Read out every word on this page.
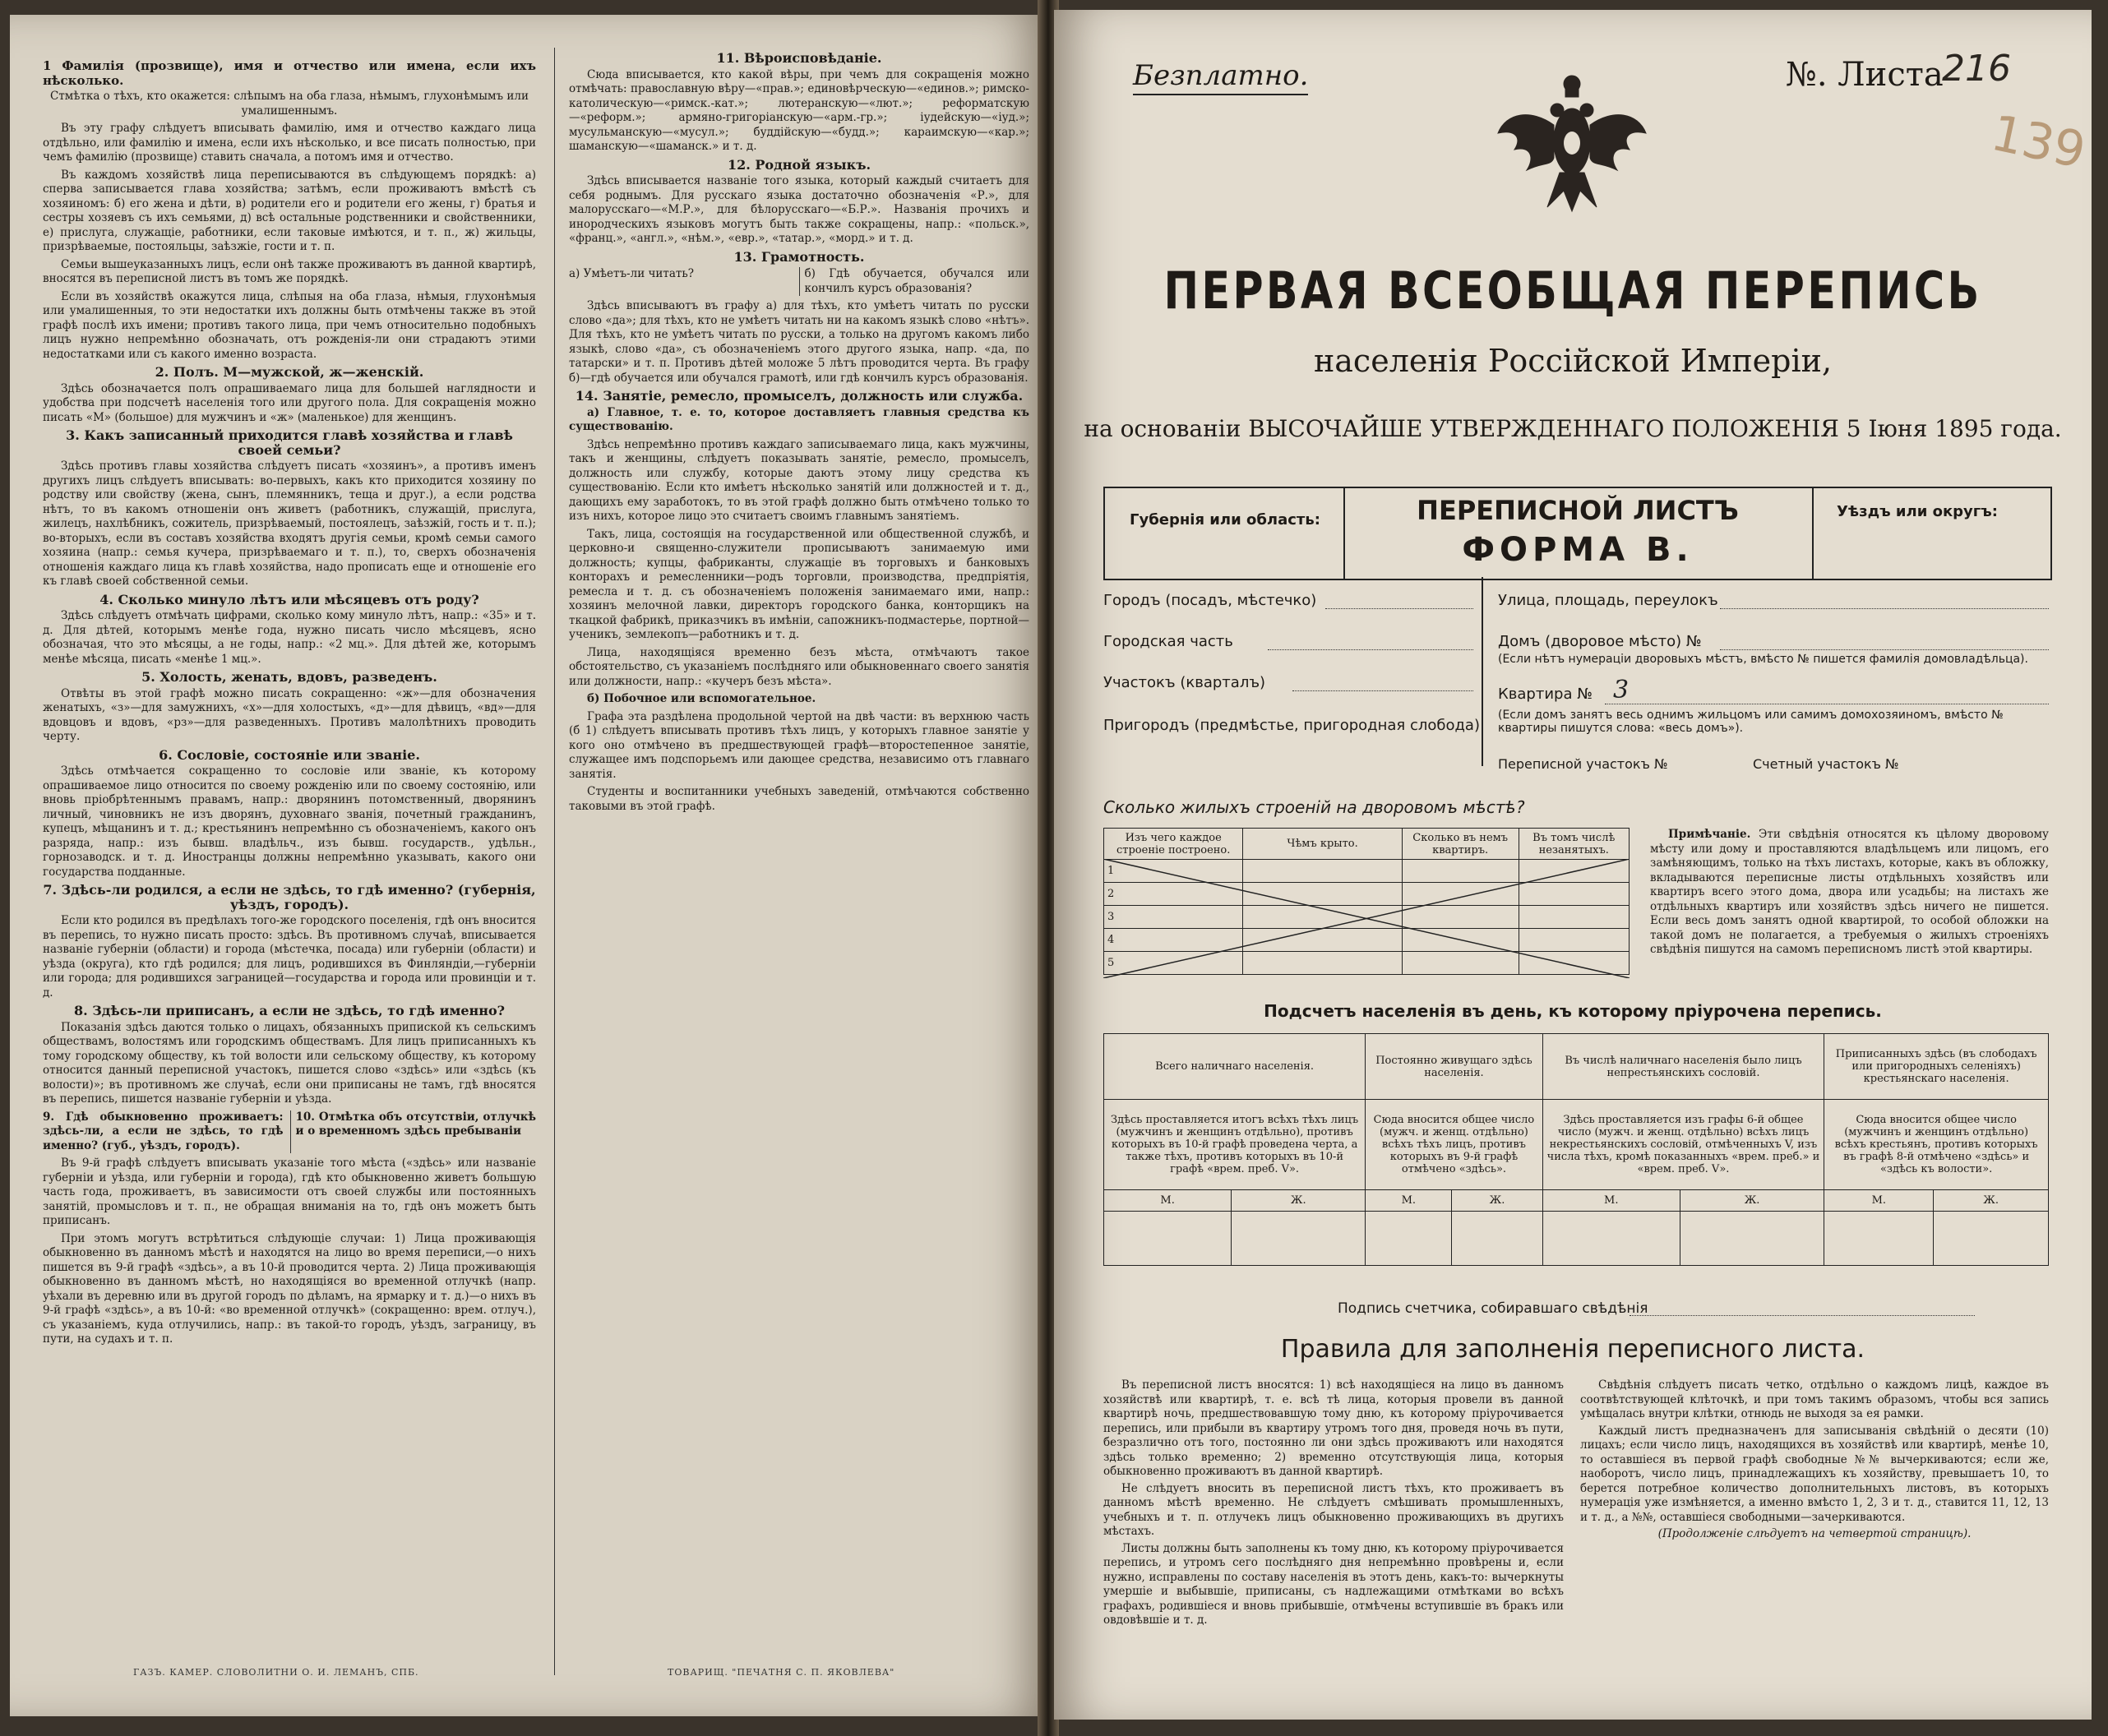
1 Фамилія (прозвище), имя и отчество или имена, если ихъ нѣсколько.

Стмѣтка о тѣхъ, кто окажется: слѣпымъ на оба глаза, нѣмымъ, глухонѣмымъ или умалишеннымъ.

Въ эту графу слѣдуетъ вписывать фамилію, имя и отчество каждаго лица отдѣльно, или фамилію и имена, если ихъ нѣсколько, и все писать полностью, при чемъ фамилію (прозвище) ставить сначала, а потомъ имя и отчество.

Въ каждомъ хозяйствѣ лица переписываются въ слѣдующемъ порядкѣ: а) сперва записывается глава хозяйства; затѣмъ, если проживаютъ вмѣстѣ съ хозяиномъ: б) его жена и дѣти, в) родители его и родители его жены, г) братья и сестры хозяевъ съ ихъ семьями, д) всѣ остальные родственники и свойственники, е) прислуга, служащіе, работники, если таковые имѣются, и т. п., ж) жильцы, призрѣваемые, постояльцы, заѣзжіе, гости и т. п.

Семьи вышеуказанныхъ лицъ, если онѣ также проживаютъ въ данной квартирѣ, вносятся въ переписной листъ въ томъ же порядкѣ.

Если въ хозяйствѣ окажутся лица, слѣпыя на оба глаза, нѣмыя, глухонѣмыя или умалишенныя, то эти недостатки ихъ должны быть отмѣчены также въ этой графѣ послѣ ихъ имени; противъ такого лица, при чемъ относительно подобныхъ лицъ нужно непремѣнно обозначать, отъ рожденія-ли они страдаютъ этими недостатками или съ какого именно возраста.

2. Полъ. М—мужской, ж—женскій.

Здѣсь обозначается полъ опрашиваемаго лица для большей наглядности и удобства при подсчетѣ населенія того или другого пола. Для сокращенія можно писать «М» (большое) для мужчинъ и «ж» (маленькое) для женщинъ.

3. Какъ записанный приходится главѣ хозяйства и главѣ своей семьи?

Здѣсь противъ главы хозяйства слѣдуетъ писать «хозяинъ», а противъ именъ другихъ лицъ слѣдуетъ вписывать: во-первыхъ, какъ кто приходится хозяину по родству или свойству (жена, сынъ, племянникъ, теща и друг.), а если родства нѣтъ, то въ какомъ отношеніи онъ живетъ (работникъ, служащій, прислуга, жилецъ, нахлѣбникъ, сожитель, призрѣваемый, постоялецъ, заѣзжій, гость и т. п.); во-вторыхъ, если въ составъ хозяйства входятъ другія семьи, кромѣ семьи самого хозяина (напр.: семья кучера, призрѣваемаго и т. п.), то, сверхъ обозначенія отношенія каждаго лица къ главѣ хозяйства, надо прописать еще и отношеніе его къ главѣ своей собственной семьи.

4. Сколько минуло лѣтъ или мѣсяцевъ отъ роду?

Здѣсь слѣдуетъ отмѣчать цифрами, сколько кому минуло лѣтъ, напр.: «35» и т. д. Для дѣтей, которымъ менѣе года, нужно писать число мѣсяцевъ, ясно обозначая, что это мѣсяцы, а не годы, напр.: «2 мц.». Для дѣтей же, которымъ менѣе мѣсяца, писать «менѣе 1 мц.».

5. Холость, женать, вдовъ, разведенъ.

Отвѣты въ этой графѣ можно писать сокращенно: «ж»—для обозначения женатыхъ, «з»—для замужнихъ, «х»—для холостыхъ, «д»—для дѣвицъ, «вд»—для вдовцовъ и вдовъ, «рз»—для разведенныхъ. Противъ малолѣтнихъ проводить черту.

6. Сословіе, состояніе или званіе.

Здѣсь отмѣчается сокращенно то сословіе или званіе, къ которому опрашиваемое лицо относится по своему рожденію или по своему состоянію, или вновь пріобрѣтеннымъ правамъ, напр.: дворянинъ потомственный, дворянинъ личный, чиновникъ не изъ дворянъ, духовнаго званія, почетный гражданинъ, купецъ, мѣщанинъ и т. д.; крестьянинъ непремѣнно съ обозначеніемъ, какого онъ разряда, напр.: изъ бывш. владѣльч., изъ бывш. государств., удѣльн., горнозаводск. и т. д. Иностранцы должны непремѣнно указывать, какого они государства подданные.

7. Здѣсь-ли родился, а если не здѣсь, то гдѣ именно? (губернія, уѣздъ, городъ).

Если кто родился въ предѣлахъ того-же городского поселенія, гдѣ онъ вносится въ перепись, то нужно писать просто: здѣсь. Въ противномъ случаѣ, вписывается названіе губерніи (области) и города (мѣстечка, посада) или губерніи (области) и уѣзда (округа), кто гдѣ родился; для лицъ, родившихся въ Финляндіи,—губерніи или города; для родившихся заграницей—государства и города или провинціи и т. д.

8. Здѣсь-ли приписанъ, а если не здѣсь, то гдѣ именно?

Показанія здѣсь даются только о лицахъ, обязанныхъ припиской къ сельскимъ обществамъ, волостямъ или городскимъ обществамъ. Для лицъ приписанныхъ къ тому городскому обществу, къ той волости или сельскому обществу, къ которому относится данный переписной участокъ, пишется слово «здѣсь» или «здѣсь (къ волости)»; въ противномъ же случаѣ, если они приписаны не тамъ, гдѣ вносятся въ перепись, пишется названіе губерніи и уѣзда.

9. Гдѣ обыкновенно проживаетъ: здѣсь-ли, а если не здѣсь, то гдѣ именно? (губ., уѣздъ, городъ).
10. Отмѣтка объ отсутствіи, отлучкѣ и о временномъ здѣсь пребываніи

Въ 9-й графѣ слѣдуетъ вписывать указаніе того мѣста («здѣсь» или названіе губерніи и уѣзда, или губерніи и города), гдѣ кто обыкновенно живетъ большую часть года, проживаетъ, въ зависимости отъ своей службы или постоянныхъ занятій, промысловъ и т. п., не обращая вниманія на то, гдѣ онъ можетъ быть приписанъ.

При этомъ могутъ встрѣтиться слѣдующіе случаи: 1) Лица проживающія обыкновенно въ данномъ мѣстѣ и находятся на лицо во время переписи,—о нихъ пишется въ 9-й графѣ «здѣсь», а въ 10-й проводится черта. 2) Лица проживающія обыкновенно въ данномъ мѣстѣ, но находящіяся во временной отлучкѣ (напр. уѣхали въ деревню или въ другой городъ по дѣламъ, на ярмарку и т. д.)—о нихъ въ 9-й графѣ «здѣсь», а въ 10-й: «во временной отлучкѣ» (сокращенно: врем. отлуч.), съ указаніемъ, куда отлучились, напр.: въ такой-то городъ, уѣздъ, заграницу, въ пути, на судахъ и т. п.

ГАЗЪ. КАМЕР. СЛОВОЛИТНИ О. И. ЛЕМАНЪ, СПБ.
11. Вѣроисповѣданіе.

Сюда вписывается, кто какой вѣры, при чемъ для сокращенія можно отмѣчать: православную вѣру—«прав.»; единовѣрческую—«единов.»; римско-католическую—«римск.-кат.»; лютеранскую—«лют.»; реформатскую—«реформ.»; армяно-григоріанскую—«арм.-гр.»; іудейскую—«іуд.»; мусульманскую—«мусул.»; буддійскую—«будд.»; караимскую—«кар.»; шаманскую—«шаманск.» и т. д.

12. Родной языкъ.

Здѣсь вписывается названіе того языка, который каждый считаетъ для себя роднымъ. Для русскаго языка достаточно обозначенія «Р.», для малорусскаго—«М.Р.», для бѣлорусскаго—«Б.Р.». Названія прочихъ и инородческихъ языковъ могутъ быть также сокращены, напр.: «польск.», «франц.», «англ.», «нѣм.», «евр.», «татар.», «морд.» и т. д.

13. Грамотность.
а) Умѣетъ-ли читать?	б) Гдѣ обучается, обучался или кончилъ курсъ образованія?

Здѣсь вписываютъ въ графу а) для тѣхъ, кто умѣетъ читать по русски слово «да»; для тѣхъ, кто не умѣетъ читать ни на какомъ языкѣ слово «нѣтъ». Для тѣхъ, кто не умѣетъ читать по русски, а только на другомъ какомъ либо языкѣ, слово «да», съ обозначеніемъ этого другого языка, напр. «да, по татарски» и т. п. Противъ дѣтей моложе 5 лѣтъ проводится черта. Въ графу б)—гдѣ обучается или обучался грамотѣ, или гдѣ кончилъ курсъ образованія.

14. Занятіе, ремесло, промыселъ, должность или служба.

а) Главное, т. е. то, которое доставляетъ главныя средства къ существованію.

Здѣсь непремѣнно противъ каждаго записываемаго лица, какъ мужчины, такъ и женщины, слѣдуетъ показывать занятіе, ремесло, промыселъ, должность или службу, которые даютъ этому лицу средства къ существованію. Если кто имѣетъ нѣсколько занятій или должностей и т. д., дающихъ ему заработокъ, то въ этой графѣ должно быть отмѣчено только то изъ нихъ, которое лицо это считаетъ своимъ главнымъ занятіемъ.

Такъ, лица, состоящія на государственной или общественной службѣ, и церковно-и священно-служители прописываютъ занимаемую ими должность; купцы, фабриканты, служащіе въ торговыхъ и банковыхъ конторахъ и ремесленники—родъ торговли, производства, предпріятія, ремесла и т. д. съ обозначеніемъ положенія занимаемаго ими, напр.: хозяинъ мелочной лавки, директоръ городского банка, конторщикъ на ткацкой фабрикѣ, приказчикъ въ имѣніи, сапожникъ-подмастерье, портной—ученикъ, землекопъ—работникъ и т. д.

Лица, находящіяся временно безъ мѣста, отмѣчаютъ такое обстоятельство, съ указаніемъ послѣдняго или обыкновеннаго своего занятія или должности, напр.: «кучеръ безъ мѣста».

б) Побочное или вспомогательное.

Графа эта раздѣлена продольной чертой на двѣ части: въ верхнюю часть (б 1) слѣдуетъ вписывать противъ тѣхъ лицъ, у которыхъ главное занятіе у кого оно отмѣчено въ предшествующей графѣ—второстепенное занятіе, служащее имъ подспорьемъ или дающее средства, независимо отъ главнаго занятія.

Студенты и воспитанники учебныхъ заведеній, отмѣчаются собственно таковыми въ этой графѣ.

ТОВАРИЩ. "ПЕЧАТНЯ С. П. ЯКОВЛЕВА"
Безплатно.	№. Листа
216
139
ПЕРВАЯ ВСЕОБЩАЯ ПЕРЕПИСЬ
населенія Россійской Имперіи,
на основаніи ВЫСОЧАЙШЕ УТВЕРЖДЕННАГО ПОЛОЖЕНІЯ 5 Іюня 1895 года.
Губернія или область:	ПЕРЕПИСНОЙ ЛИСТЪ
ФОРМА В.
Уѣздъ или округъ:
Городъ (посадъ, мѣстечко)
Городская часть
Участокъ (кварталъ)
Пригородъ (предмѣстье, пригородная слобода)
Улица, площадь, переулокъ
Домъ (дворовое мѣсто) №
(Если нѣтъ нумераціи дворовыхъ мѣстъ, вмѣсто № пишется фамилія домовладѣльца).
Квартира № 3
(Если домъ занятъ весь однимъ жильцомъ или самимъ домохозяиномъ, вмѣсто № квартиры пишутся слова: «весь домъ»).
Переписной участокъ №	Счетный участокъ №
Сколько жилыхъ строеній на дворовомъ мѣстѣ?
Изъ чего каждое строеніе построено.	Чѣмъ крыто.	Сколько въ немъ квартиръ.	Въ томъ числѣ незанятыхъ.
1			
2			
3			
4			
5			

Примѣчаніе. Эти свѣдѣнія относятся къ цѣлому дворовому мѣсту или дому и проставляются владѣльцемъ или лицомъ, его замѣняющимъ, только на тѣхъ листахъ, которые, какъ въ обложку, вкладываются переписные листы отдѣльныхъ хозяйствъ или квартиръ всего этого дома, двора или усадьбы; на листахъ же отдѣльныхъ квартиръ или хозяйствъ здѣсь ничего не пишется. Если весь домъ занятъ одной квартирой, то особой обложки на такой домъ не полагается, а требуемыя о жилыхъ строеніяхъ свѣдѣнія пишутся на самомъ переписномъ листѣ этой квартиры.

Подсчетъ населенія въ день, къ которому пріурочена перепись.
Всего наличнаго населенія.		Постоянно живущаго здѣсь населенія.		Въ числѣ наличнаго населенія было лицъ непрестьянскихъ сословій.		Приписанныхъ здѣсь (въ слободахъ или пригородныхъ селеніяхъ) крестьянскаго населенія.	
Здѣсь проставляется итогъ всѣхъ тѣхъ лицъ (мужчинъ и женщинъ отдѣльно), противъ которыхъ въ 10-й графѣ проведена черта, а также тѣхъ, противъ которыхъ въ 10-й графѣ «врем. преб. V».		Сюда вносится общее число (мужч. и женщ. отдѣльно) всѣхъ тѣхъ лицъ, противъ которыхъ въ 9-й графѣ отмѣчено «здѣсь».		Здѣсь проставляется изъ графы 6-й общее число (мужч. и женщ. отдѣльно) всѣхъ лицъ некрестьянскихъ сословій, отмѣченныхъ V, изъ числа тѣхъ, кромѣ показанныхъ «врем. преб.» и «врем. преб. V».		Сюда вносится общее число (мужчинъ и женщинъ отдѣльно) всѣхъ крестьянъ, противъ которыхъ въ графѣ 8-й отмѣчено «здѣсь» и «здѣсь къ волости».	
М.	Ж.	М.	Ж.	М.	Ж.	М.	Ж.

Подпись счетчика, собиравшаго свѣдѣнія
Правила для заполненія переписного листа.

Въ переписной листъ вносятся: 1) всѣ находящіеся на лицо въ данномъ хозяйствѣ или квартирѣ, т. е. всѣ тѣ лица, которыя провели въ данной квартирѣ ночь, предшествовавшую тому дню, къ которому пріурочивается перепись, или прибыли въ квартиру утромъ того дня, проведя ночь въ пути, безразлично отъ того, постоянно ли они здѣсь проживаютъ или находятся здѣсь только временно; 2) временно отсутствующія лица, которыя обыкновенно проживаютъ въ данной квартирѣ.

Не слѣдуетъ вносить въ переписной листъ тѣхъ, кто проживаетъ въ данномъ мѣстѣ временно. Не слѣдуетъ смѣшивать промышленныхъ, учебныхъ и т. п. отлучекъ лицъ обыкновенно проживающихъ въ другихъ мѣстахъ.

Листы должны быть заполнены къ тому дню, къ которому пріурочивается перепись, и утромъ сего послѣдняго дня непремѣнно провѣрены и, если нужно, исправлены по составу населенія въ этотъ день, какъ-то: вычеркнуты умершіе и выбывшіе, приписаны, съ надлежащими отмѣтками во всѣхъ графахъ, родившіеся и вновь прибывшіе, отмѣчены вступившіе въ бракъ или овдовѣвшіе и т. д.

Свѣдѣнія слѣдуетъ писать четко, отдѣльно о каждомъ лицѣ, каждое въ соотвѣтствующей клѣточкѣ, и при томъ такимъ образомъ, чтобы вся запись умѣщалась внутри клѣтки, отнюдь не выходя за ея рамки.

Каждый листъ предназначенъ для записыванія свѣдѣній о десяти (10) лицахъ; если число лицъ, находящихся въ хозяйствѣ или квартирѣ, менѣе 10, то оставшіеся въ первой графѣ свободные №№ вычеркиваются; если же, наоборотъ, число лицъ, принадлежащихъ къ хозяйству, превышаетъ 10, то берется потребное количество дополнительныхъ листовъ, въ которыхъ нумерація уже измѣняется, а именно вмѣсто 1, 2, 3 и т. д., ставится 11, 12, 13 и т. д., а №№, оставшіеся свободными—зачеркиваются.

(Продолженіе слѣдуетъ на четвертой страницѣ).
